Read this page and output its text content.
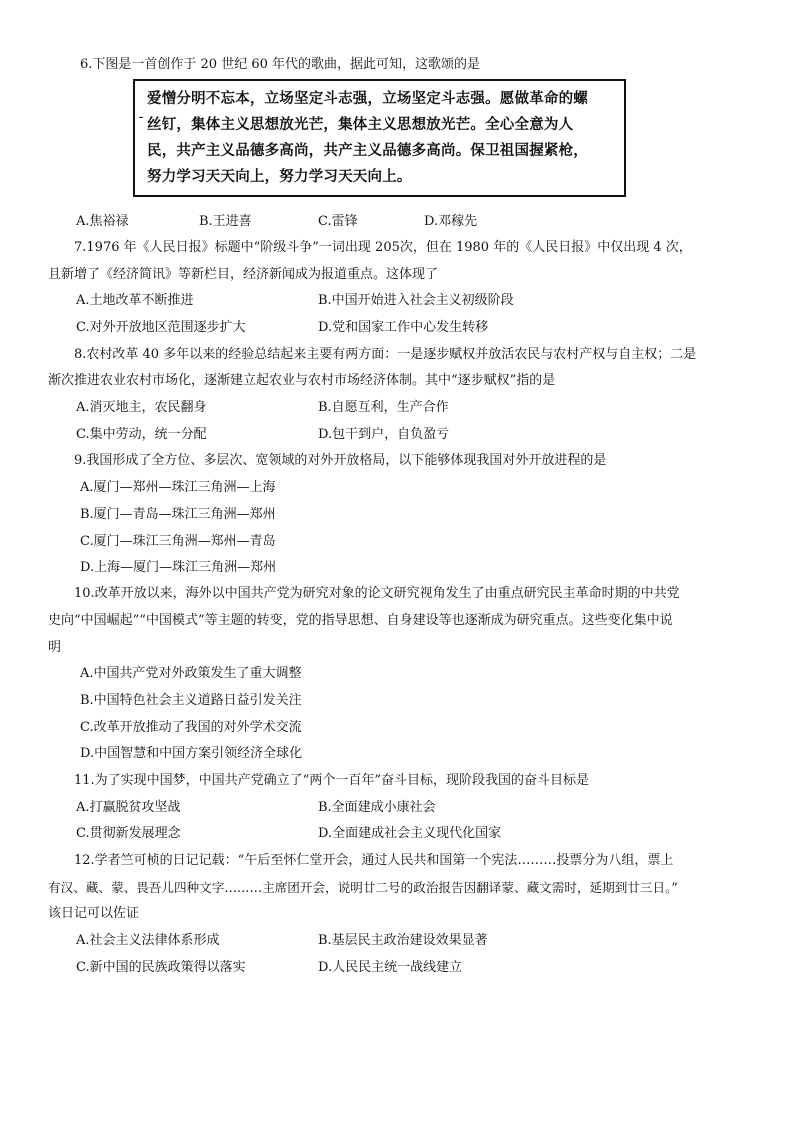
6.下图是一首创作于 20 世纪 60 年代的歌曲，据此可知，这歌颂的是
ˉ
爱憎分明不忘本，立场坚定斗志强，立场坚定斗志强。愿做革命的螺
丝钉，集体主义思想放光芒，集体主义思想放光芒。全心全意为人
民，共产主义品德多高尚，共产主义品德多高尚。保卫祖国握紧枪，
努力学习天天向上，努力学习天天向上。
A.焦裕禄	B.王进喜	C.雷锋	D.邓稼先
7.1976 年《人民日报》标题中“阶级斗争”一词出现 205次，但在 1980 年的《人民日报》中仅出现 4 次，
且新增了《经济简讯》等新栏目，经济新闻成为报道重点。这体现了
A.土地改革不断推进	B.中国开始进入社会主义初级阶段
C.对外开放地区范围逐步扩大	D.党和国家工作中心发生转移
8.农村改革 40 多年以来的经验总结起来主要有两方面：一是逐步赋权并放活农民与农村产权与自主权；二是
渐次推进农业农村市场化，逐渐建立起农业与农村市场经济体制。其中“逐步赋权”指的是
A.消灭地主，农民翻身	B.自愿互利，生产合作
C.集中劳动，统一分配	D.包干到户，自负盈亏
9.我国形成了全方位、多层次、宽领域的对外开放格局，以下能够体现我国对外开放进程的是
A.厦门—郑州—珠江三角洲—上海
B.厦门—青岛—珠江三角洲—郑州
C.厦门—珠江三角洲—郑州—青岛
D.上海—厦门—珠江三角洲—郑州
10.改革开放以来，海外以中国共产党为研究对象的论文研究视角发生了由重点研究民主革命时期的中共党
史向“中国崛起”“中国模式”等主题的转变，党的指导思想、自身建设等也逐渐成为研究重点。这些变化集中说
明
A.中国共产党对外政策发生了重大调整
B.中国特色社会主义道路日益引发关注
C.改革开放推动了我国的对外学术交流
D.中国智慧和中国方案引领经济全球化
11.为了实现中国梦，中国共产党确立了“两个一百年”奋斗目标，现阶段我国的奋斗目标是
A.打赢脱贫攻坚战	B.全面建成小康社会
C.贯彻新发展理念	D.全面建成社会主义现代化国家
12.学者竺可桢的日记记载：“午后至怀仁堂开会，通过人民共和国第一个宪法………投票分为八组，票上
有汉、藏、蒙、畏吾儿四种文字………主席团开会，说明廿二号的政治报告因翻译蒙、藏文需时，延期到廿三日。”
该日记可以佐证
A.社会主义法律体系形成	B.基层民主政治建设效果显著
C.新中国的民族政策得以落实	D.人民民主统一战线建立
